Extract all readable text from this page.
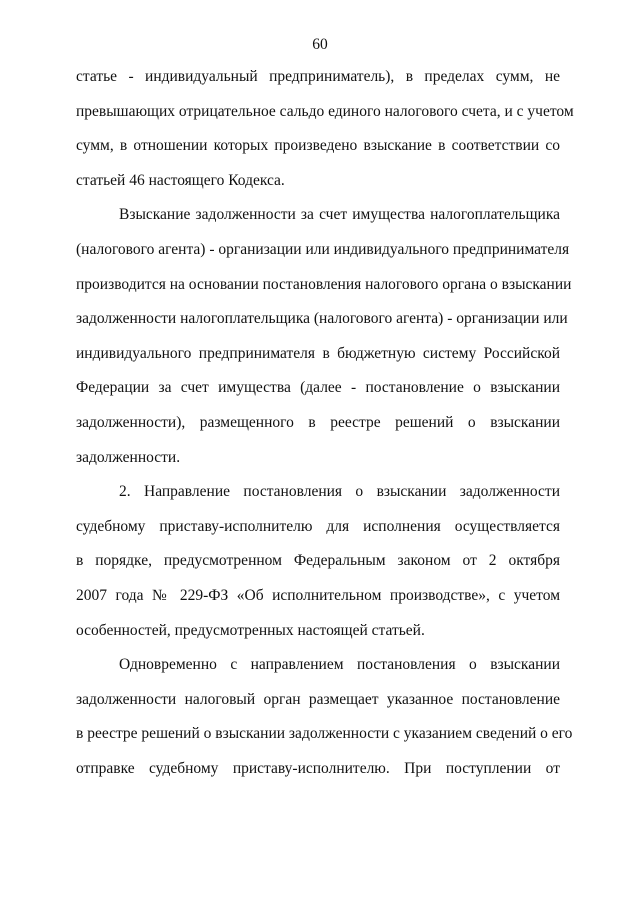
60
статье - индивидуальный предприниматель), в пределах сумм, не
превышающих отрицательное сальдо единого налогового счета, и с учетом
сумм, в отношении которых произведено взыскание в соответствии со
статьей 46 настоящего Кодекса.
Взыскание задолженности за счет имущества налогоплательщика
(налогового агента) - организации или индивидуального предпринимателя
производится на основании постановления налогового органа о взыскании
задолженности налогоплательщика (налогового агента) - организации или
индивидуального предпринимателя в бюджетную систему Российской
Федерации за счет имущества (далее - постановление о взыскании
задолженности), размещенного в реестре решений о взыскании
задолженности.
2. Направление постановления о взыскании задолженности
судебному приставу-исполнителю для исполнения осуществляется
в порядке, предусмотренном Федеральным законом от 2 октября
2007 года № 229-ФЗ «Об исполнительном производстве», с учетом
особенностей, предусмотренных настоящей статьей.
Одновременно с направлением постановления о взыскании
задолженности налоговый орган размещает указанное постановление
в реестре решений о взыскании задолженности с указанием сведений о его
отправке судебному приставу-исполнителю. При поступлении от
